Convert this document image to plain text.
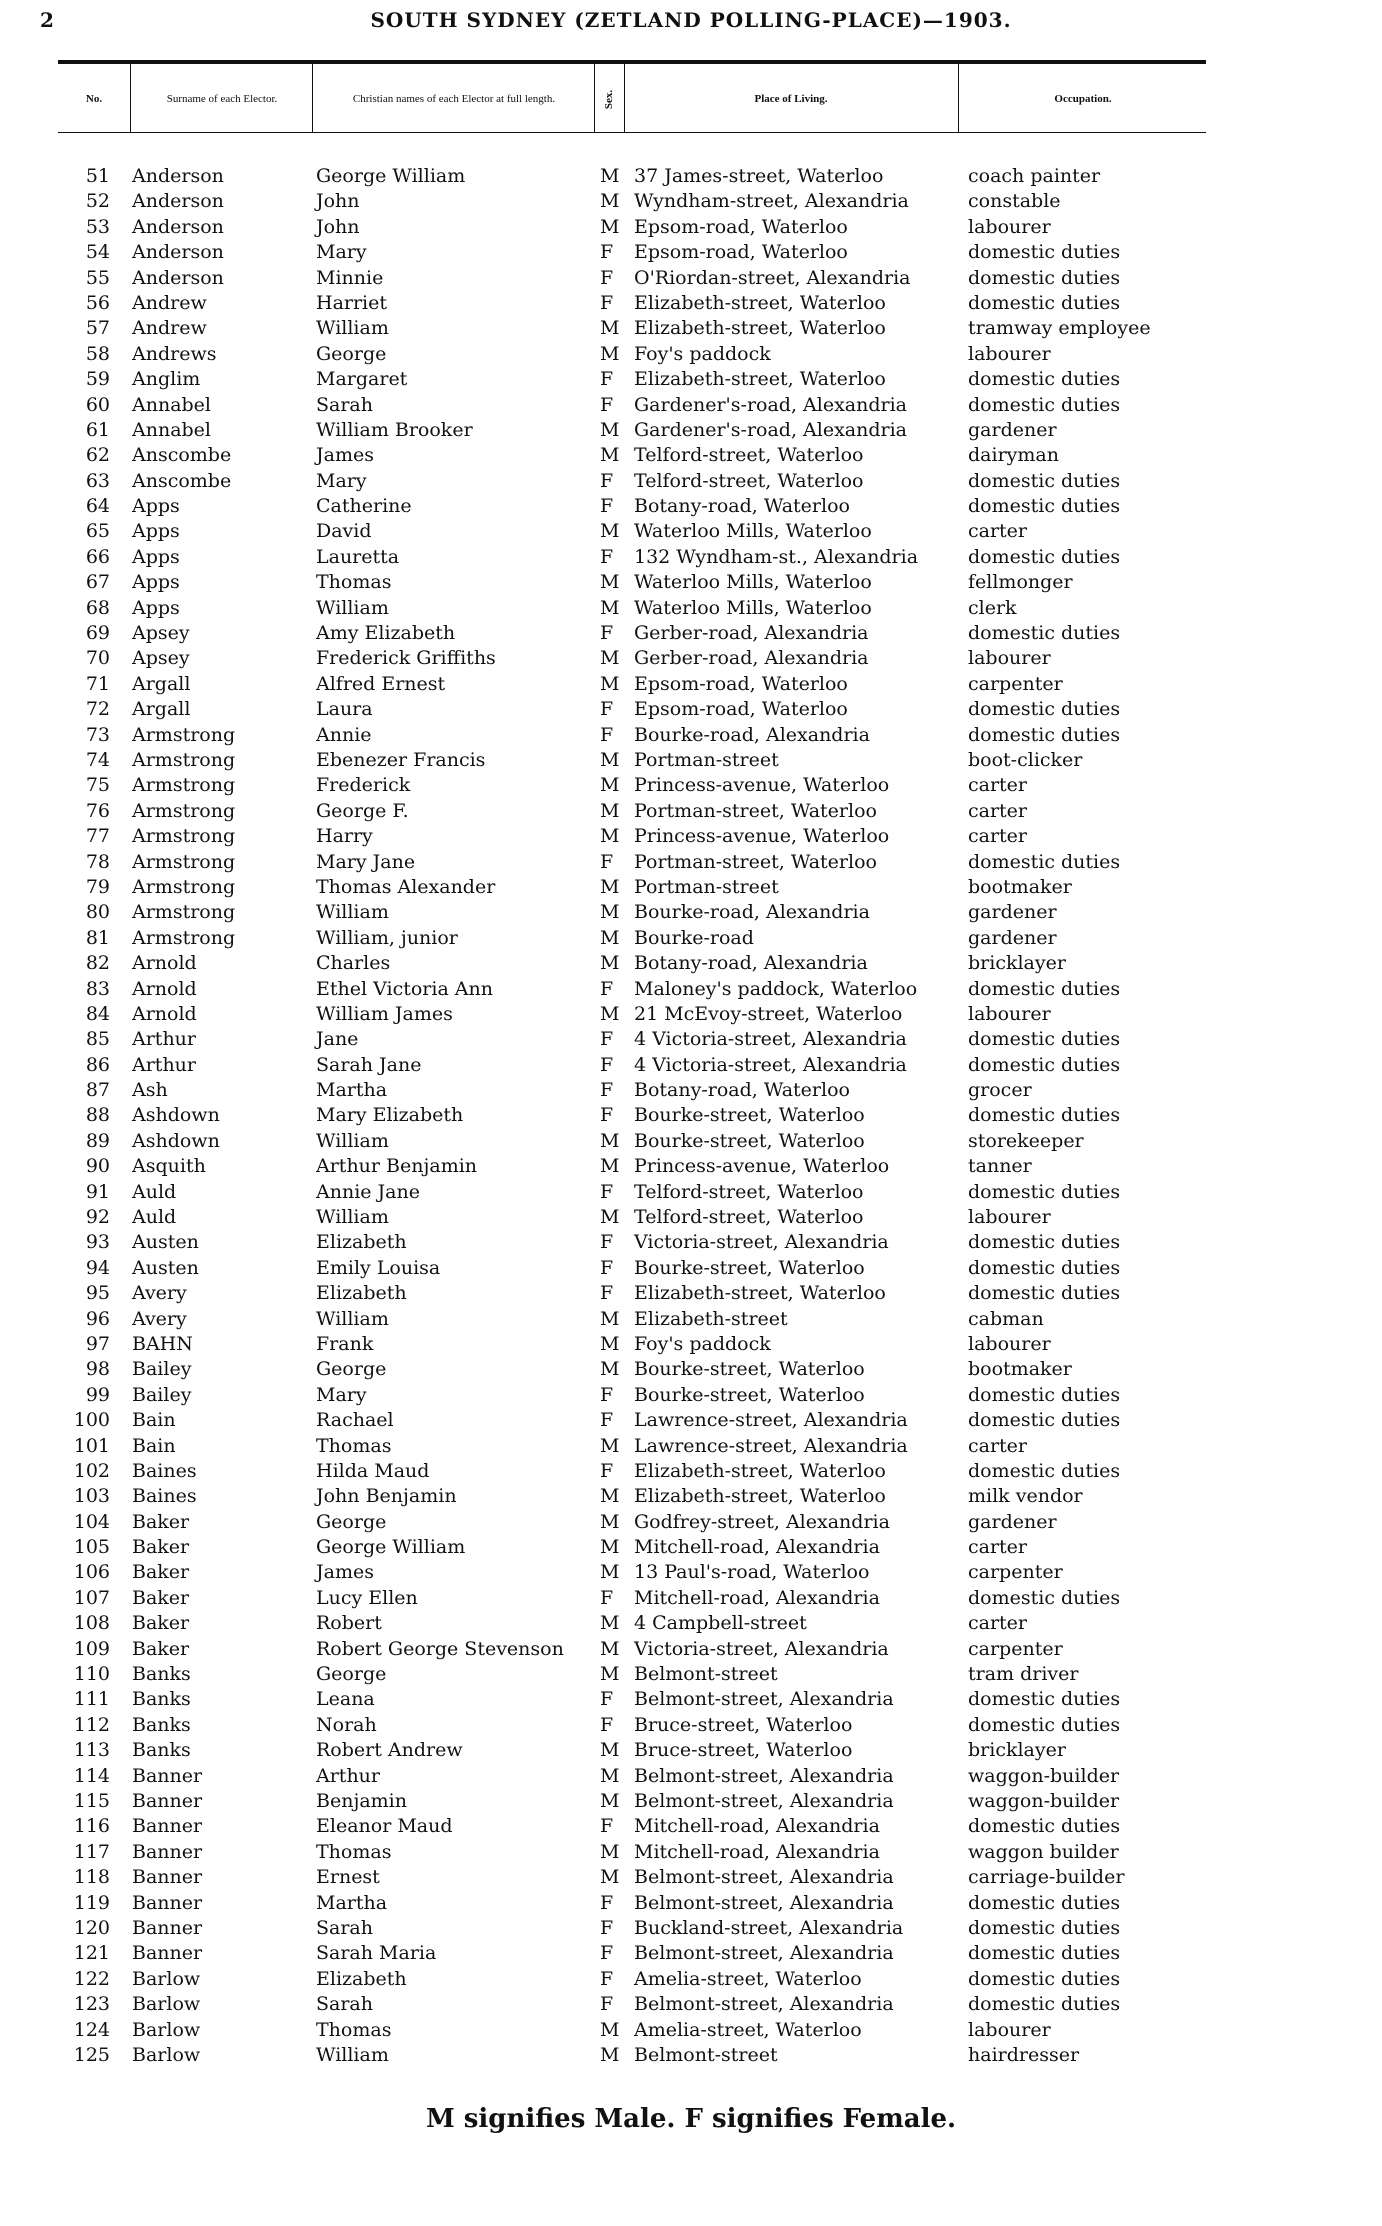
2	SOUTH SYDNEY (ZETLAND POLLING-PLACE)—1903.
No.	Surname of each Elector.	Christian names of each Elector at full length.	Sex.	Place of Living.	Occupation.
51 Anderson	George William	M 37 James-street, Waterloo	coach painter
52 Anderson	John	M Wyndham-street, Alexandria	constable
53 Anderson	John	M Epsom-road, Waterloo	labourer
54 Anderson	Mary	F Epsom-road, Waterloo	domestic duties
55 Anderson	Minnie	F O'Riordan-street, Alexandria	domestic duties
56 Andrew	Harriet	F Elizabeth-street, Waterloo	domestic duties
57 Andrew	William	M Elizabeth-street, Waterloo	tramway employee
58 Andrews	George	M Foy's paddock	labourer
59 Anglim	Margaret	F Elizabeth-street, Waterloo	domestic duties
60 Annabel	Sarah	F Gardener's-road, Alexandria	domestic duties
61 Annabel	William Brooker	M Gardener's-road, Alexandria	gardener
62 Anscombe	James	M Telford-street, Waterloo	dairyman
63 Anscombe	Mary	F Telford-street, Waterloo	domestic duties
64 Apps	Catherine	F Botany-road, Waterloo	domestic duties
65 Apps	David	M Waterloo Mills, Waterloo	carter
66 Apps	Lauretta	F 132 Wyndham-st., Alexandria	domestic duties
67 Apps	Thomas	M Waterloo Mills, Waterloo	fellmonger
68 Apps	William	M Waterloo Mills, Waterloo	clerk
69 Apsey	Amy Elizabeth	F Gerber-road, Alexandria	domestic duties
70 Apsey	Frederick Griffiths	M Gerber-road, Alexandria	labourer
71 Argall	Alfred Ernest	M Epsom-road, Waterloo	carpenter
72 Argall	Laura	F Epsom-road, Waterloo	domestic duties
73 Armstrong	Annie	F Bourke-road, Alexandria	domestic duties
74 Armstrong	Ebenezer Francis	M Portman-street	boot-clicker
75 Armstrong	Frederick	M Princess-avenue, Waterloo	carter
76 Armstrong	George F.	M Portman-street, Waterloo	carter
77 Armstrong	Harry	M Princess-avenue, Waterloo	carter
78 Armstrong	Mary Jane	F Portman-street, Waterloo	domestic duties
79 Armstrong	Thomas Alexander	M Portman-street	bootmaker
80 Armstrong	William	M Bourke-road, Alexandria	gardener
81 Armstrong	William, junior	M Bourke-road	gardener
82 Arnold	Charles	M Botany-road, Alexandria	bricklayer
83 Arnold	Ethel Victoria Ann	F Maloney's paddock, Waterloo	domestic duties
84 Arnold	William James	M 21 McEvoy-street, Waterloo	labourer
85 Arthur	Jane	F 4 Victoria-street, Alexandria	domestic duties
86 Arthur	Sarah Jane	F 4 Victoria-street, Alexandria	domestic duties
87 Ash	Martha	F Botany-road, Waterloo	grocer
88 Ashdown	Mary Elizabeth	F Bourke-street, Waterloo	domestic duties
89 Ashdown	William	M Bourke-street, Waterloo	storekeeper
90 Asquith	Arthur Benjamin	M Princess-avenue, Waterloo	tanner
91 Auld	Annie Jane	F Telford-street, Waterloo	domestic duties
92 Auld	William	M Telford-street, Waterloo	labourer
93 Austen	Elizabeth	F Victoria-street, Alexandria	domestic duties
94 Austen	Emily Louisa	F Bourke-street, Waterloo	domestic duties
95 Avery	Elizabeth	F Elizabeth-street, Waterloo	domestic duties
96 Avery	William	M Elizabeth-street	cabman
97 BAHN	Frank	M Foy's paddock	labourer
98 Bailey	George	M Bourke-street, Waterloo	bootmaker
99 Bailey	Mary	F Bourke-street, Waterloo	domestic duties
100 Bain	Rachael	F Lawrence-street, Alexandria	domestic duties
101 Bain	Thomas	M Lawrence-street, Alexandria	carter
102 Baines	Hilda Maud	F Elizabeth-street, Waterloo	domestic duties
103 Baines	John Benjamin	M Elizabeth-street, Waterloo	milk vendor
104 Baker	George	M Godfrey-street, Alexandria	gardener
105 Baker	George William	M Mitchell-road, Alexandria	carter
106 Baker	James	M 13 Paul's-road, Waterloo	carpenter
107 Baker	Lucy Ellen	F Mitchell-road, Alexandria	domestic duties
108 Baker	Robert	M 4 Campbell-street	carter
109 Baker	Robert George Stevenson M Victoria-street, Alexandria	carpenter
110 Banks	George	M Belmont-street	tram driver
111 Banks	Leana	F Belmont-street, Alexandria	domestic duties
112 Banks	Norah	F Bruce-street, Waterloo	domestic duties
113 Banks	Robert Andrew	M Bruce-street, Waterloo	bricklayer
114 Banner	Arthur	M Belmont-street, Alexandria	waggon-builder
115 Banner	Benjamin	M Belmont-street, Alexandria	waggon-builder
116 Banner	Eleanor Maud	F Mitchell-road, Alexandria	domestic duties
117 Banner	Thomas	M Mitchell-road, Alexandria	waggon builder
118 Banner	Ernest	M Belmont-street, Alexandria	carriage-builder
119 Banner	Martha	F Belmont-street, Alexandria	domestic duties
120 Banner	Sarah	F Buckland-street, Alexandria	domestic duties
121 Banner	Sarah Maria	F Belmont-street, Alexandria	domestic duties
122 Barlow	Elizabeth	F Amelia-street, Waterloo	domestic duties
123 Barlow	Sarah	F Belmont-street, Alexandria	domestic duties
124 Barlow	Thomas	M Amelia-street, Waterloo	labourer
125 Barlow	William	M Belmont-street	hairdresser
M signifies Male. F signifies Female.
